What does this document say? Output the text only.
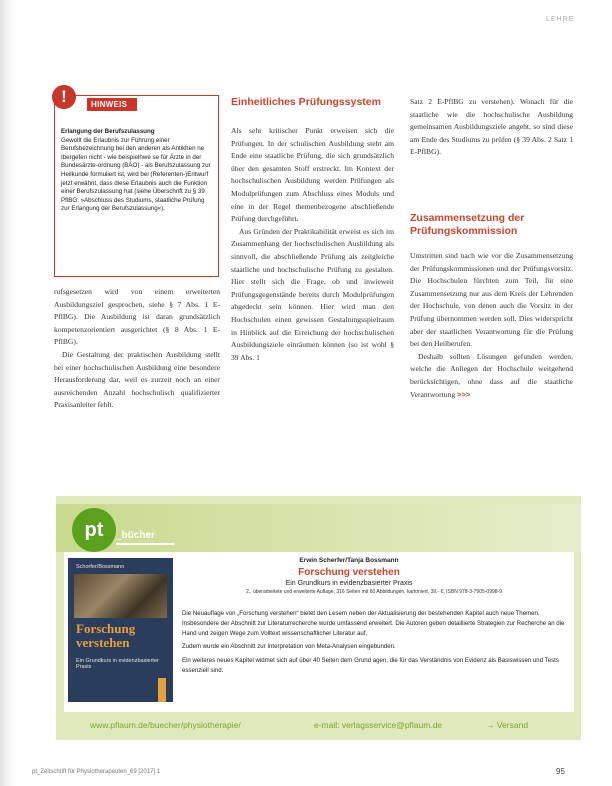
LEHRE
!	HINWEIS

Erlangung der Berufszulassung

Gewollt die Erlaubnis zur Führung einer Berufsbezeichnung bei den anderen als Antikhen ne Ibergefen nicht - wie beispielhwe se für Ärzte in der Bundesärzte-ordnung (BÄO) - als Berufszulassung zur Heilkunde formuliert ist, wird bei (Referenten-)Entwurf jetzt erwähnt, dass diese Erlaubnis auch die Funktion einer Berufszulassung hat (siehe Überschrift zu § 39 PflBG: »Abschluss des Studiums, staatliche Prüfung zur Erlangung der Berufszulassung«).

rufsgesetzen wird von einem erweiterten Ausbildungsziel gesprochen, siehe § 7 Abs. 1 E-PflBG). Die Ausbildung ist daran grundsätzlich kompetenzorientiert ausgerichtet (§ 8 Abs. 1 E-PflBG).

Die Gestaltung der praktischen Ausbildung stellt bei einer hochschulischen Ausbildung eine besondere Herausforderung dar, weil es zurzeit noch an einer ausreichenden Anzahl hochschulisch qualifizierter Praxisanleiter fehlt.

Einheitliches Prüfungssystem

Als sehr kritischer Punkt erweisen sich die Prüfungen. In der schulischen Ausbildung steht am Ende eine staatliche Prüfung, die sich grundsätzlich über den gesamten Stoff erstreckt. Im Kontext der hochschulischen Ausbildung werden Prüfungen als Modulprüfungen zum Abschluss eines Moduls und eine in der Regel themenbezogene abschließende Prüfung durchgeführt.

Aus Gründen der Praktikabilität erweist es sich im Zusammenhang der hochschulischen Ausbildung als sinnvoll, die abschließende Prüfung als zeitgleiche staatliche und hochschulische Prüfung zu gestalten. Hier stellt sich die Frage, ob und inwieweit Prüfungsgegenstände bereits durch Modulprüfungen abgedeckt sein können. Hier wird man den Hochschulen einen gewissen Gestaltungsspielraum in Hinblick auf die Erreichung der hochschulischen Ausbildungsziele einräumen können (so ist wohl § 39 Abs. 1

Satz 2 E-PflBG zu verstehen). Wonach für die staatliche wie die hochschulische Ausbildung gemeinsamen Ausbildungsziele angeht, so sind diese am Ende des Studiums zu prüfen (§ 39 Abs. 2 Satz 1 E-PflBG).

Zusammensetzung der Prüfungskommission

Umstritten sind nach wie vor die Zusammensetzung der Prüfungskommissionen und der Prüfungsvorsitz. Die Hochschulen fürchten zum Teil, für eine Zusammensetzung nur aus dem Kreis der Lehrenden der Hochschule, von denen auch die Vorsitz in der Prüfung übernommen werden soll. Dies widerspricht aber der staatlichen Verantwortung für die Prüfung bei den Heilberufen.

Deshalb sollten Lösungen gefunden werden, welche die Anliegen der Hochschule weitgehend berücksichtigen, ohne dass auf die staatliche Verantwortung >>>

pt	_bücher
Schorfer/Bossmann
Forschung verstehen
Ein Grundkurs in evidenzbasierter Praxis
Erwin Scherfer/Tanja Bossmann
Forschung verstehen
Ein Grundkurs in evidenzbasierter Praxis
2., überarbeitete und erweiterte Auflage, 316 Seiten mit 60 Abbildungen, kartoniert, 39,- €, ISBN 978-3-7905-0998-9

Die Neuauflage von „Forschung verstehen“ bietet den Lesern neben der Aktualisierung der bestehenden Kapitel auch neue Themen. Insbesondere der Abschnitt zur Literaturrecherche wurde umfassend erweitert. Die Autoren geben detaillierte Strategien zur Recherche an die Hand und zeigen Wege zum Volltext wissenschaftlicher Literatur auf.

Zudem wurde ein Abschnitt zur Interpretation von Meta-Analysen eingebunden.

Ein weiteres neues Kapitel widmet sich auf über 40 Seiten dem Grund agen, die für das Verständnis von Evidenz als Basiswissen und Tests essenziell sind.

www.pflaum.de/buecher/physiotherapie/	e-mail: verlagsservice@pflaum.de	→ Versand
pt_Zeitschrift für Physiotherapeuten_69 [2017] 1	95
